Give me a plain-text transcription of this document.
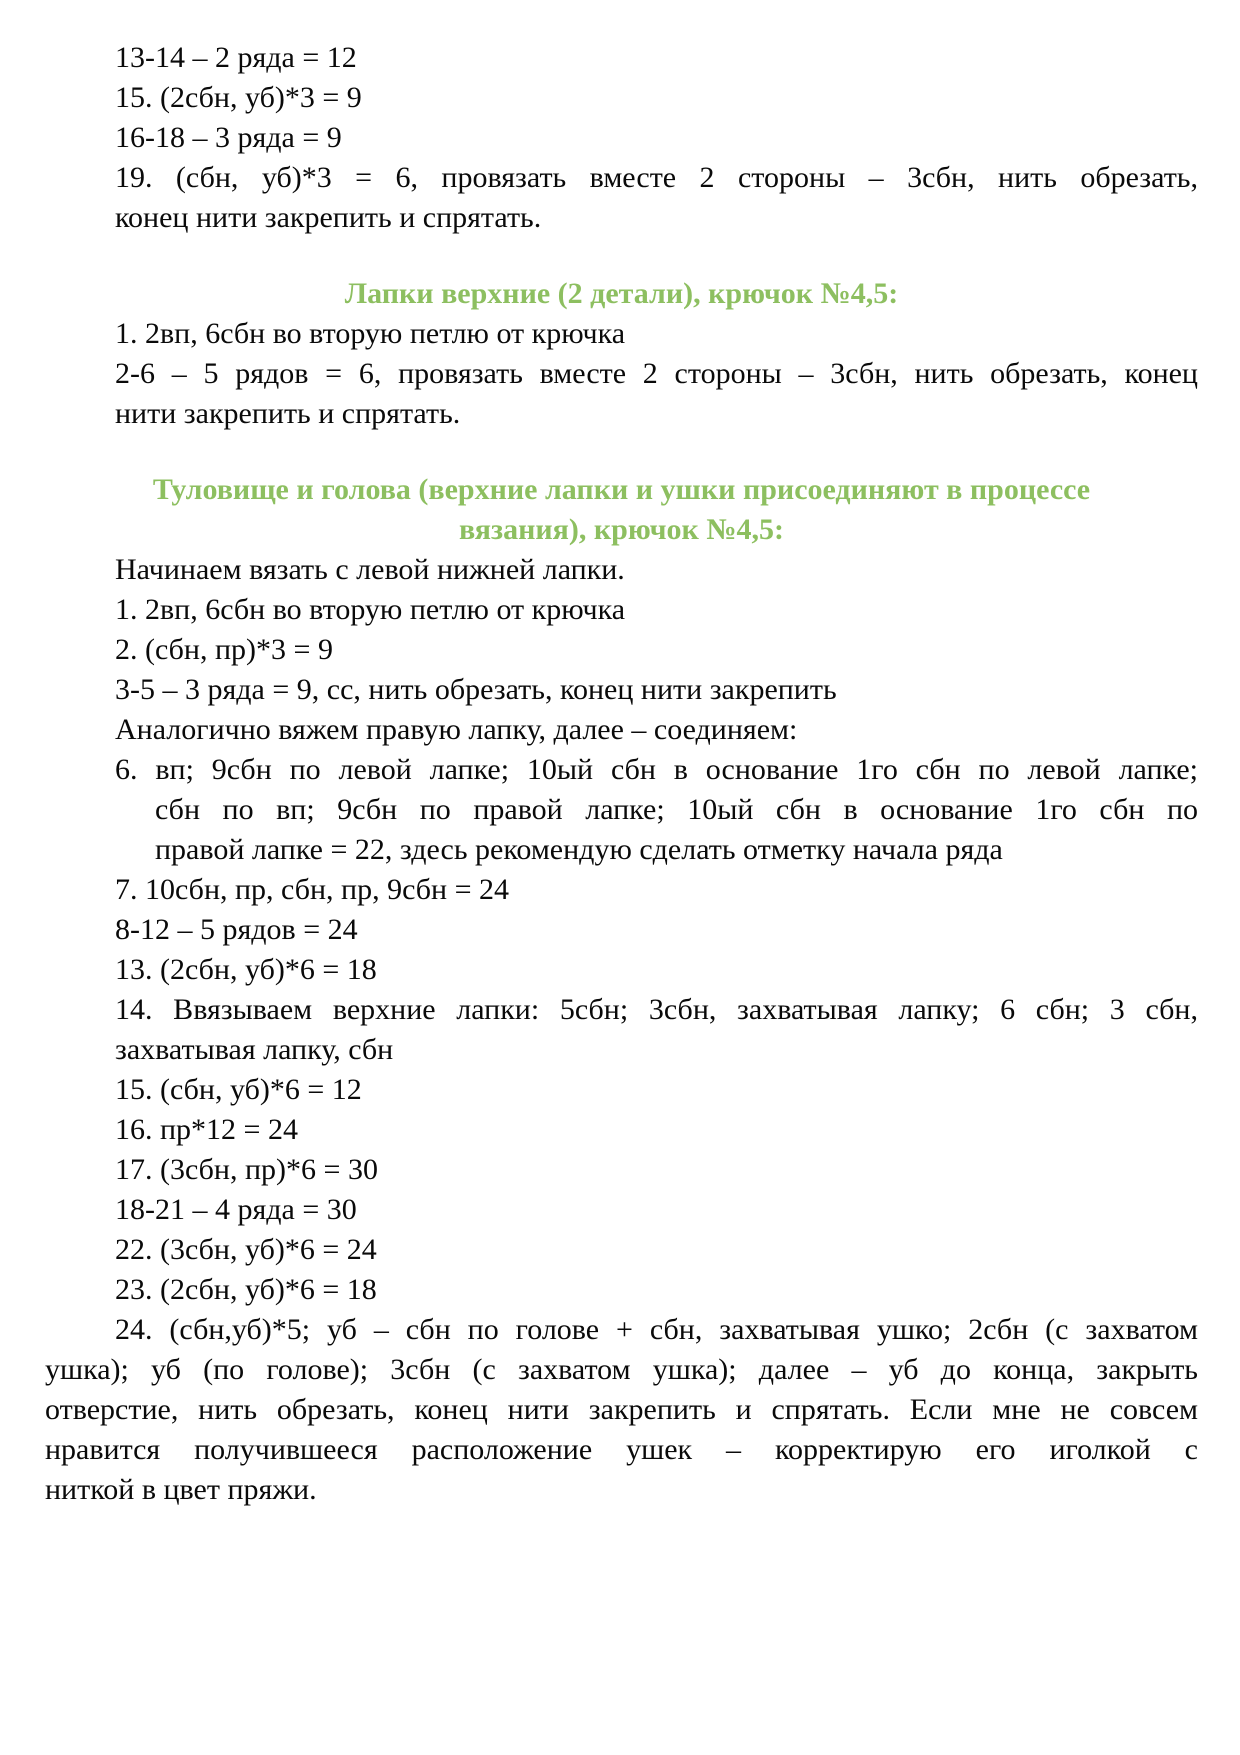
13-14 – 2 ряда = 12
15. (2сбн, уб)*3 = 9
16-18 – 3 ряда = 9
19. (сбн, уб)*3 = 6, провязать вместе 2 стороны – 3сбн, нить обрезать,
конец нити закрепить и спрятать.
Лапки верхние (2 детали), крючок №4,5:
1. 2вп, 6сбн во вторую петлю от крючка
2-6 – 5 рядов = 6, провязать вместе 2 стороны – 3сбн, нить обрезать, конец
нити закрепить и спрятать.
Туловище и голова (верхние лапки и ушки присоединяют в процессе
вязания), крючок №4,5:
Начинаем вязать с левой нижней лапки.
1. 2вп, 6сбн во вторую петлю от крючка
2. (сбн, пр)*3 = 9
3-5 – 3 ряда = 9, сс, нить обрезать, конец нити закрепить
Аналогично вяжем правую лапку, далее – соединяем:
6. вп; 9сбн по левой лапке; 10ый сбн в основание 1го сбн по левой лапке;
сбн по вп; 9сбн по правой лапке; 10ый сбн в основание 1го сбн по
правой лапке = 22, здесь рекомендую сделать отметку начала ряда
7. 10сбн, пр, сбн, пр, 9сбн = 24
8-12 – 5 рядов = 24
13. (2сбн, уб)*6 = 18
14. Ввязываем верхние лапки: 5сбн; 3сбн, захватывая лапку; 6 сбн; 3 сбн,
захватывая лапку, сбн
15. (сбн, уб)*6 = 12
16. пр*12 = 24
17. (3сбн, пр)*6 = 30
18-21 – 4 ряда = 30
22. (3сбн, уб)*6 = 24
23. (2сбн, уб)*6 = 18
24. (сбн,уб)*5; уб – сбн по голове + сбн, захватывая ушко; 2сбн (с захватом
ушка); уб (по голове); 3сбн (с захватом ушка); далее – уб до конца, закрыть
отверстие, нить обрезать, конец нити закрепить и спрятать. Если мне не совсем
нравится получившееся расположение ушек – корректирую его иголкой с
ниткой в цвет пряжи.
